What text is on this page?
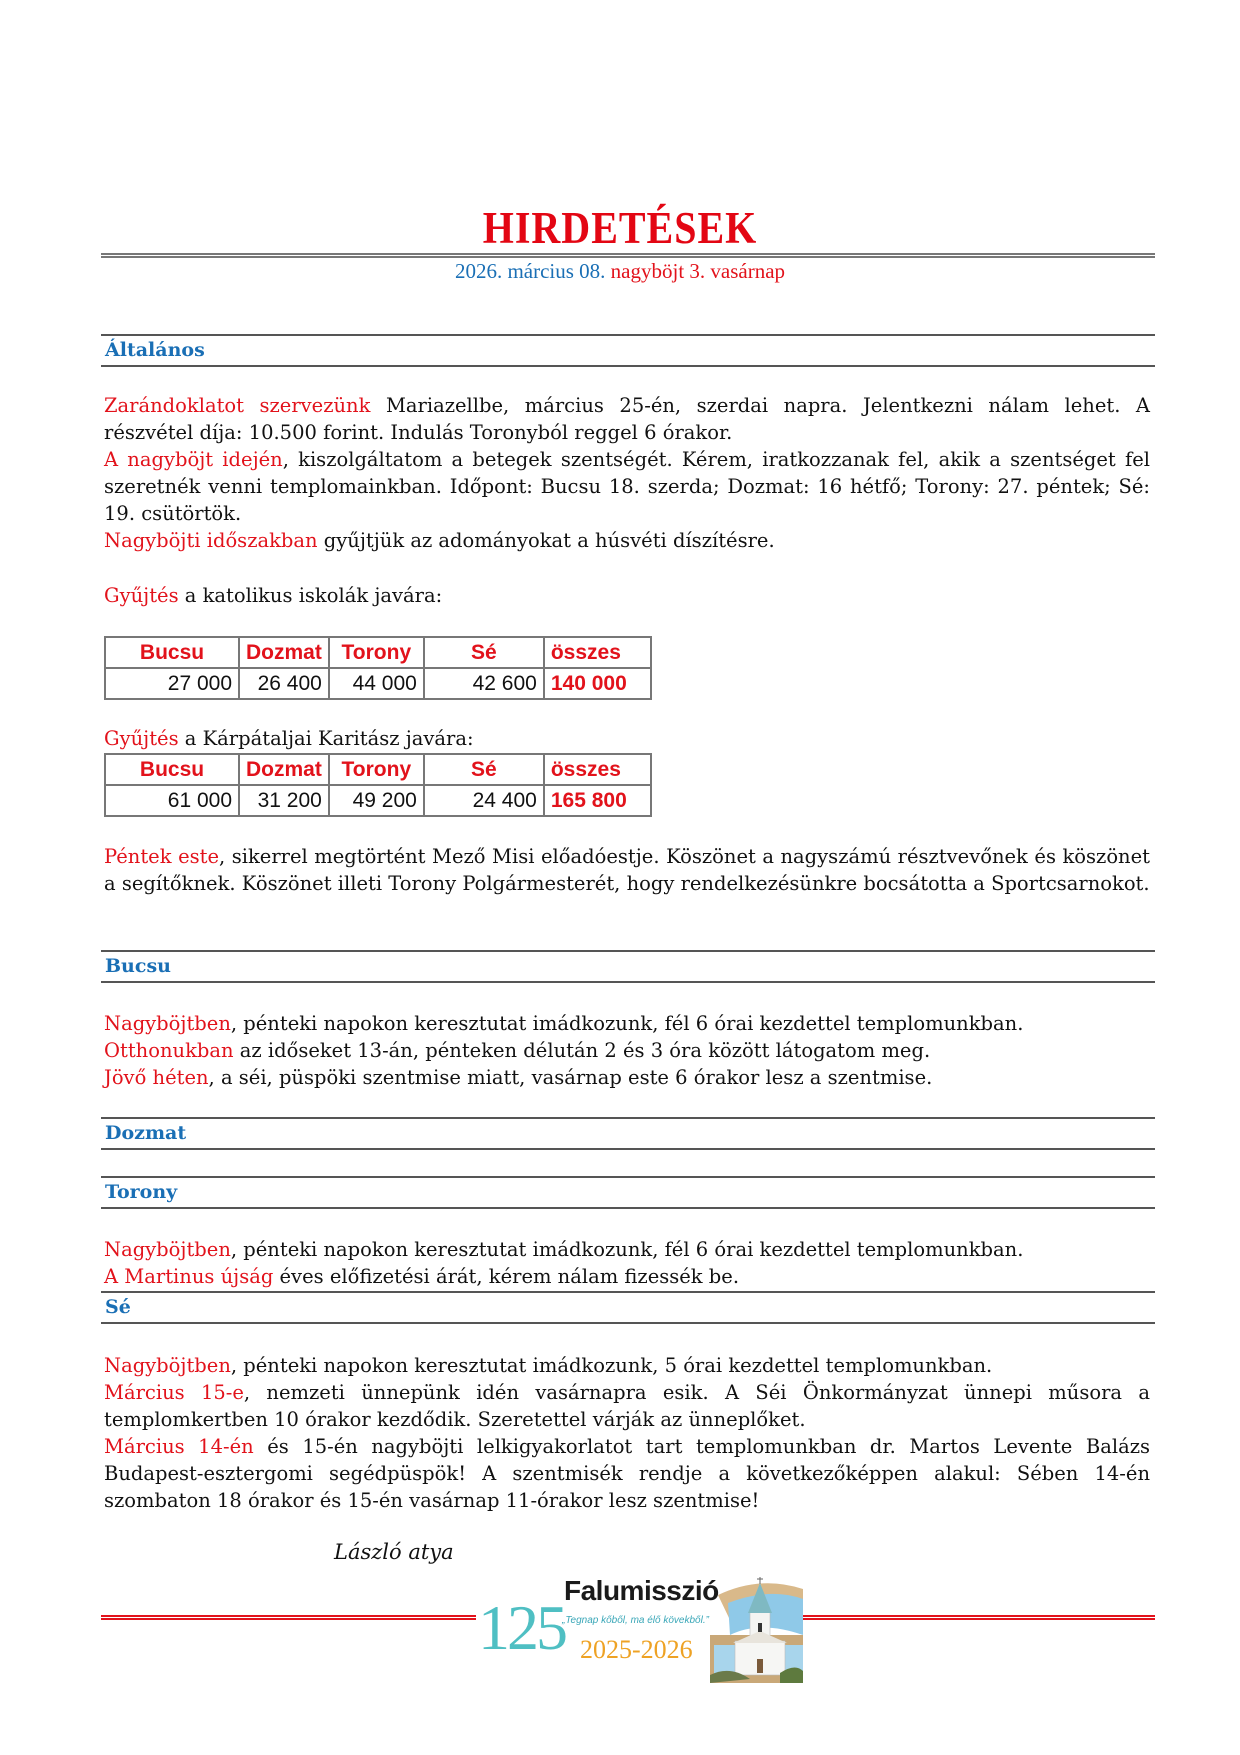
HIRDETÉSEK
2026. március 08. nagyböjt 3. vasárnap
Általános

Zarándoklatot szervezünk Mariazellbe, március 25-én, szerdai napra. Jelentkezni nálam lehet. A részvétel díja: 10.500 forint. Indulás Toronyból reggel 6 órakor.

A nagyböjt idején, kiszolgáltatom a betegek szentségét. Kérem, iratkozzanak fel, akik a szentséget fel szeretnék venni templomainkban. Időpont: Bucsu 18. szerda; Dozmat: 16 hétfő; Torony: 27. péntek; Sé: 19. csütörtök.

Nagyböjti időszakban gyűjtjük az adományokat a húsvéti díszítésre.

Gyűjtés a katolikus iskolák javára:

Bucsu	Dozmat	Torony	Sé	összes
27 000	26 400	44 000	42 600	140 000

Gyűjtés a Kárpátaljai Karitász javára:

Bucsu	Dozmat	Torony	Sé	összes
61 000	31 200	49 200	24 400	165 800

Péntek este, sikerrel megtörtént Mező Misi előadóestje. Köszönet a nagyszámú résztvevőnek és köszönet a segítőknek. Köszönet illeti Torony Polgármesterét, hogy rendelkezésünkre bocsátotta a Sportcsarnokot.

Bucsu

Nagyböjtben, pénteki napokon keresztutat imádkozunk, fél 6 órai kezdettel templomunkban.

Otthonukban az időseket 13-án, pénteken délután 2 és 3 óra között látogatom meg.

Jövő héten, a séi, püspöki szentmise miatt, vasárnap este 6 órakor lesz a szentmise.

Dozmat
Torony

Nagyböjtben, pénteki napokon keresztutat imádkozunk, fél 6 órai kezdettel templomunkban.

A Martinus újság éves előfizetési árát, kérem nálam fizessék be.

Sé

Nagyböjtben, pénteki napokon keresztutat imádkozunk, 5 órai kezdettel templomunkban.

Március 15-e, nemzeti ünnepünk idén vasárnapra esik. A Séi Önkormányzat ünnepi műsora a templomkertben 10 órakor kezdődik. Szeretettel várják az ünneplőket.

Március 14-én és 15-én nagyböjti lelkigyakorlatot tart templomunkban dr. Martos Levente Balázs Budapest-esztergomi segédpüspök! A szentmisék rendje a következőképpen alakul: Sében 14-én szombaton 18 órakor és 15-én vasárnap 11-órakor lesz szentmise!

László atya
125
Falumisszió
„Tegnap kőből, ma élő kövekből.”
2025-2026
